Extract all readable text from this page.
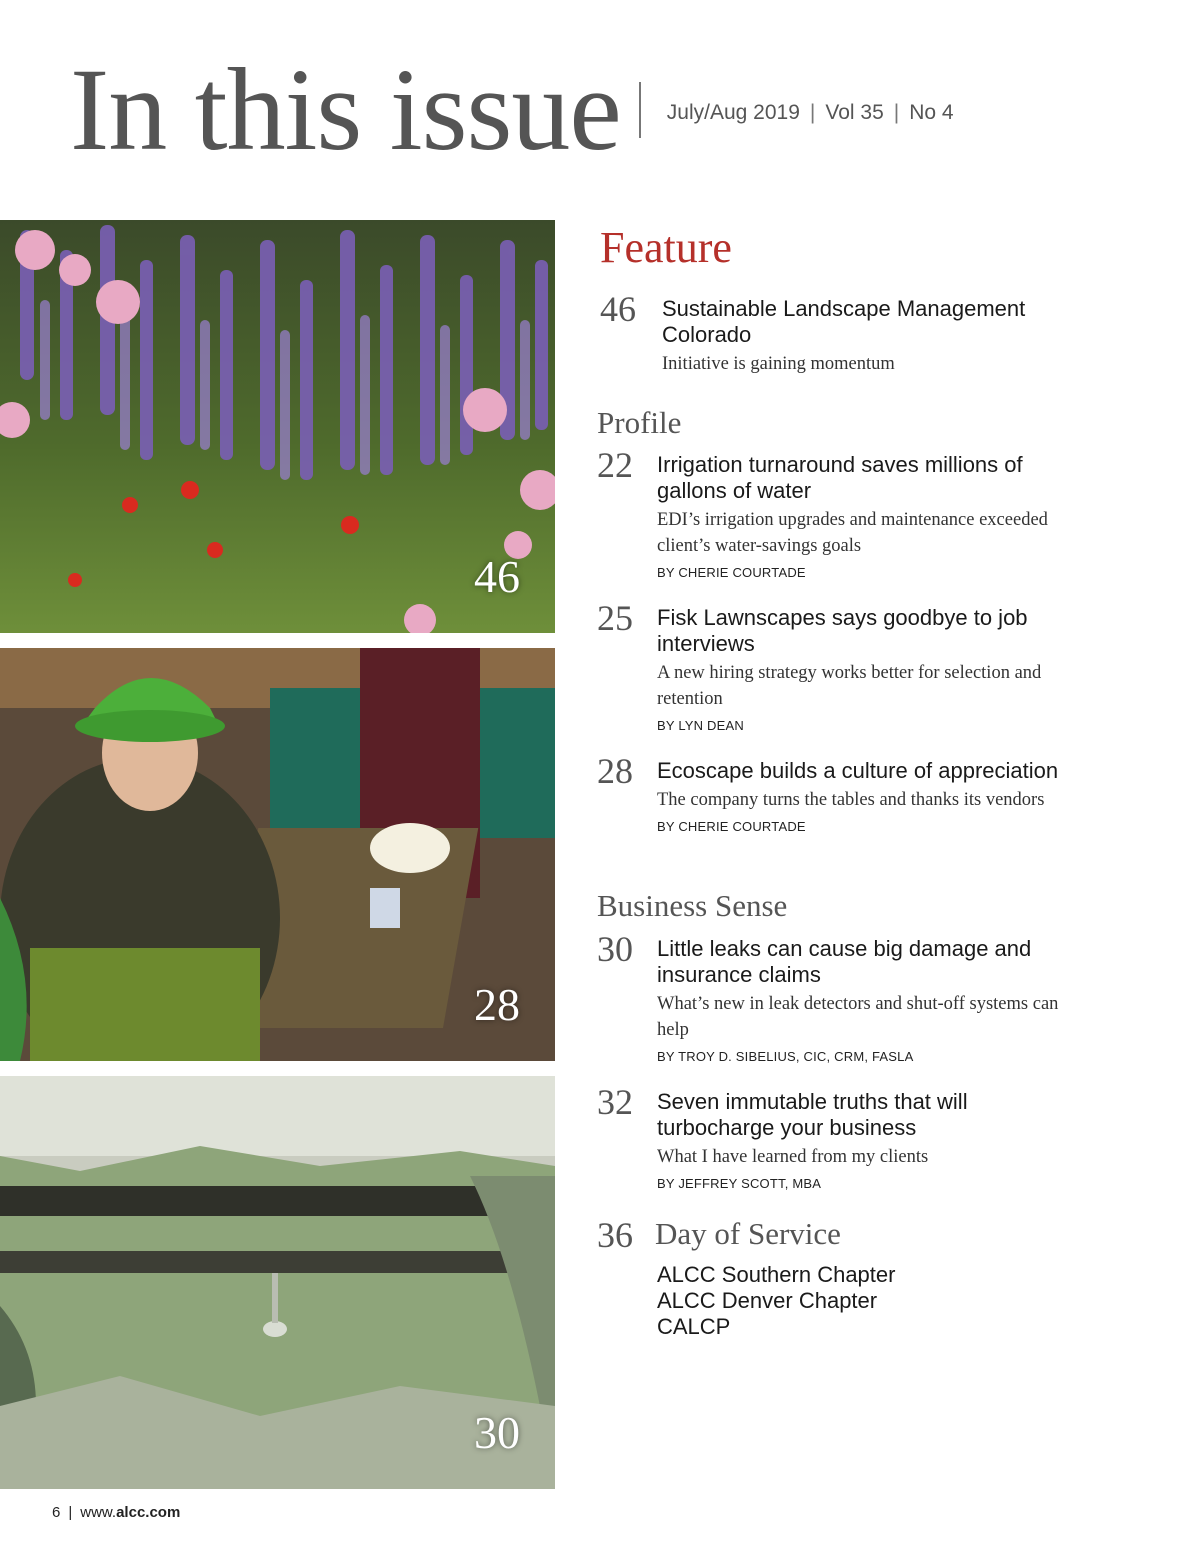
In this issue July/Aug 2019 | Vol 35 | No 4
46
28
30
Feature
46 Sustainable Landscape Management Colorado
Initiative is gaining momentum
Profile
22 Irrigation turnaround saves millions of gallons of water
EDI’s irrigation upgrades and maintenance exceeded client’s water-savings goals
BY CHERIE COURTADE
25 Fisk Lawnscapes says goodbye to job interviews
A new hiring strategy works better for selection and retention
BY LYN DEAN
28 Ecoscape builds a culture of appreciation
The company turns the tables and thanks its vendors
BY CHERIE COURTADE
Business Sense
30 Little leaks can cause big damage and insurance claims
What’s new in leak detectors and shut-off systems can help
BY TROY D. SIBELIUS, CIC, CRM, FASLA
32 Seven immutable truths that will turbocharge your business
What I have learned from my clients
BY JEFFREY SCOTT, MBA
36 Day of Service
ALCC Southern Chapter
ALCC Denver Chapter
CALCP
6 | www.alcc.com
